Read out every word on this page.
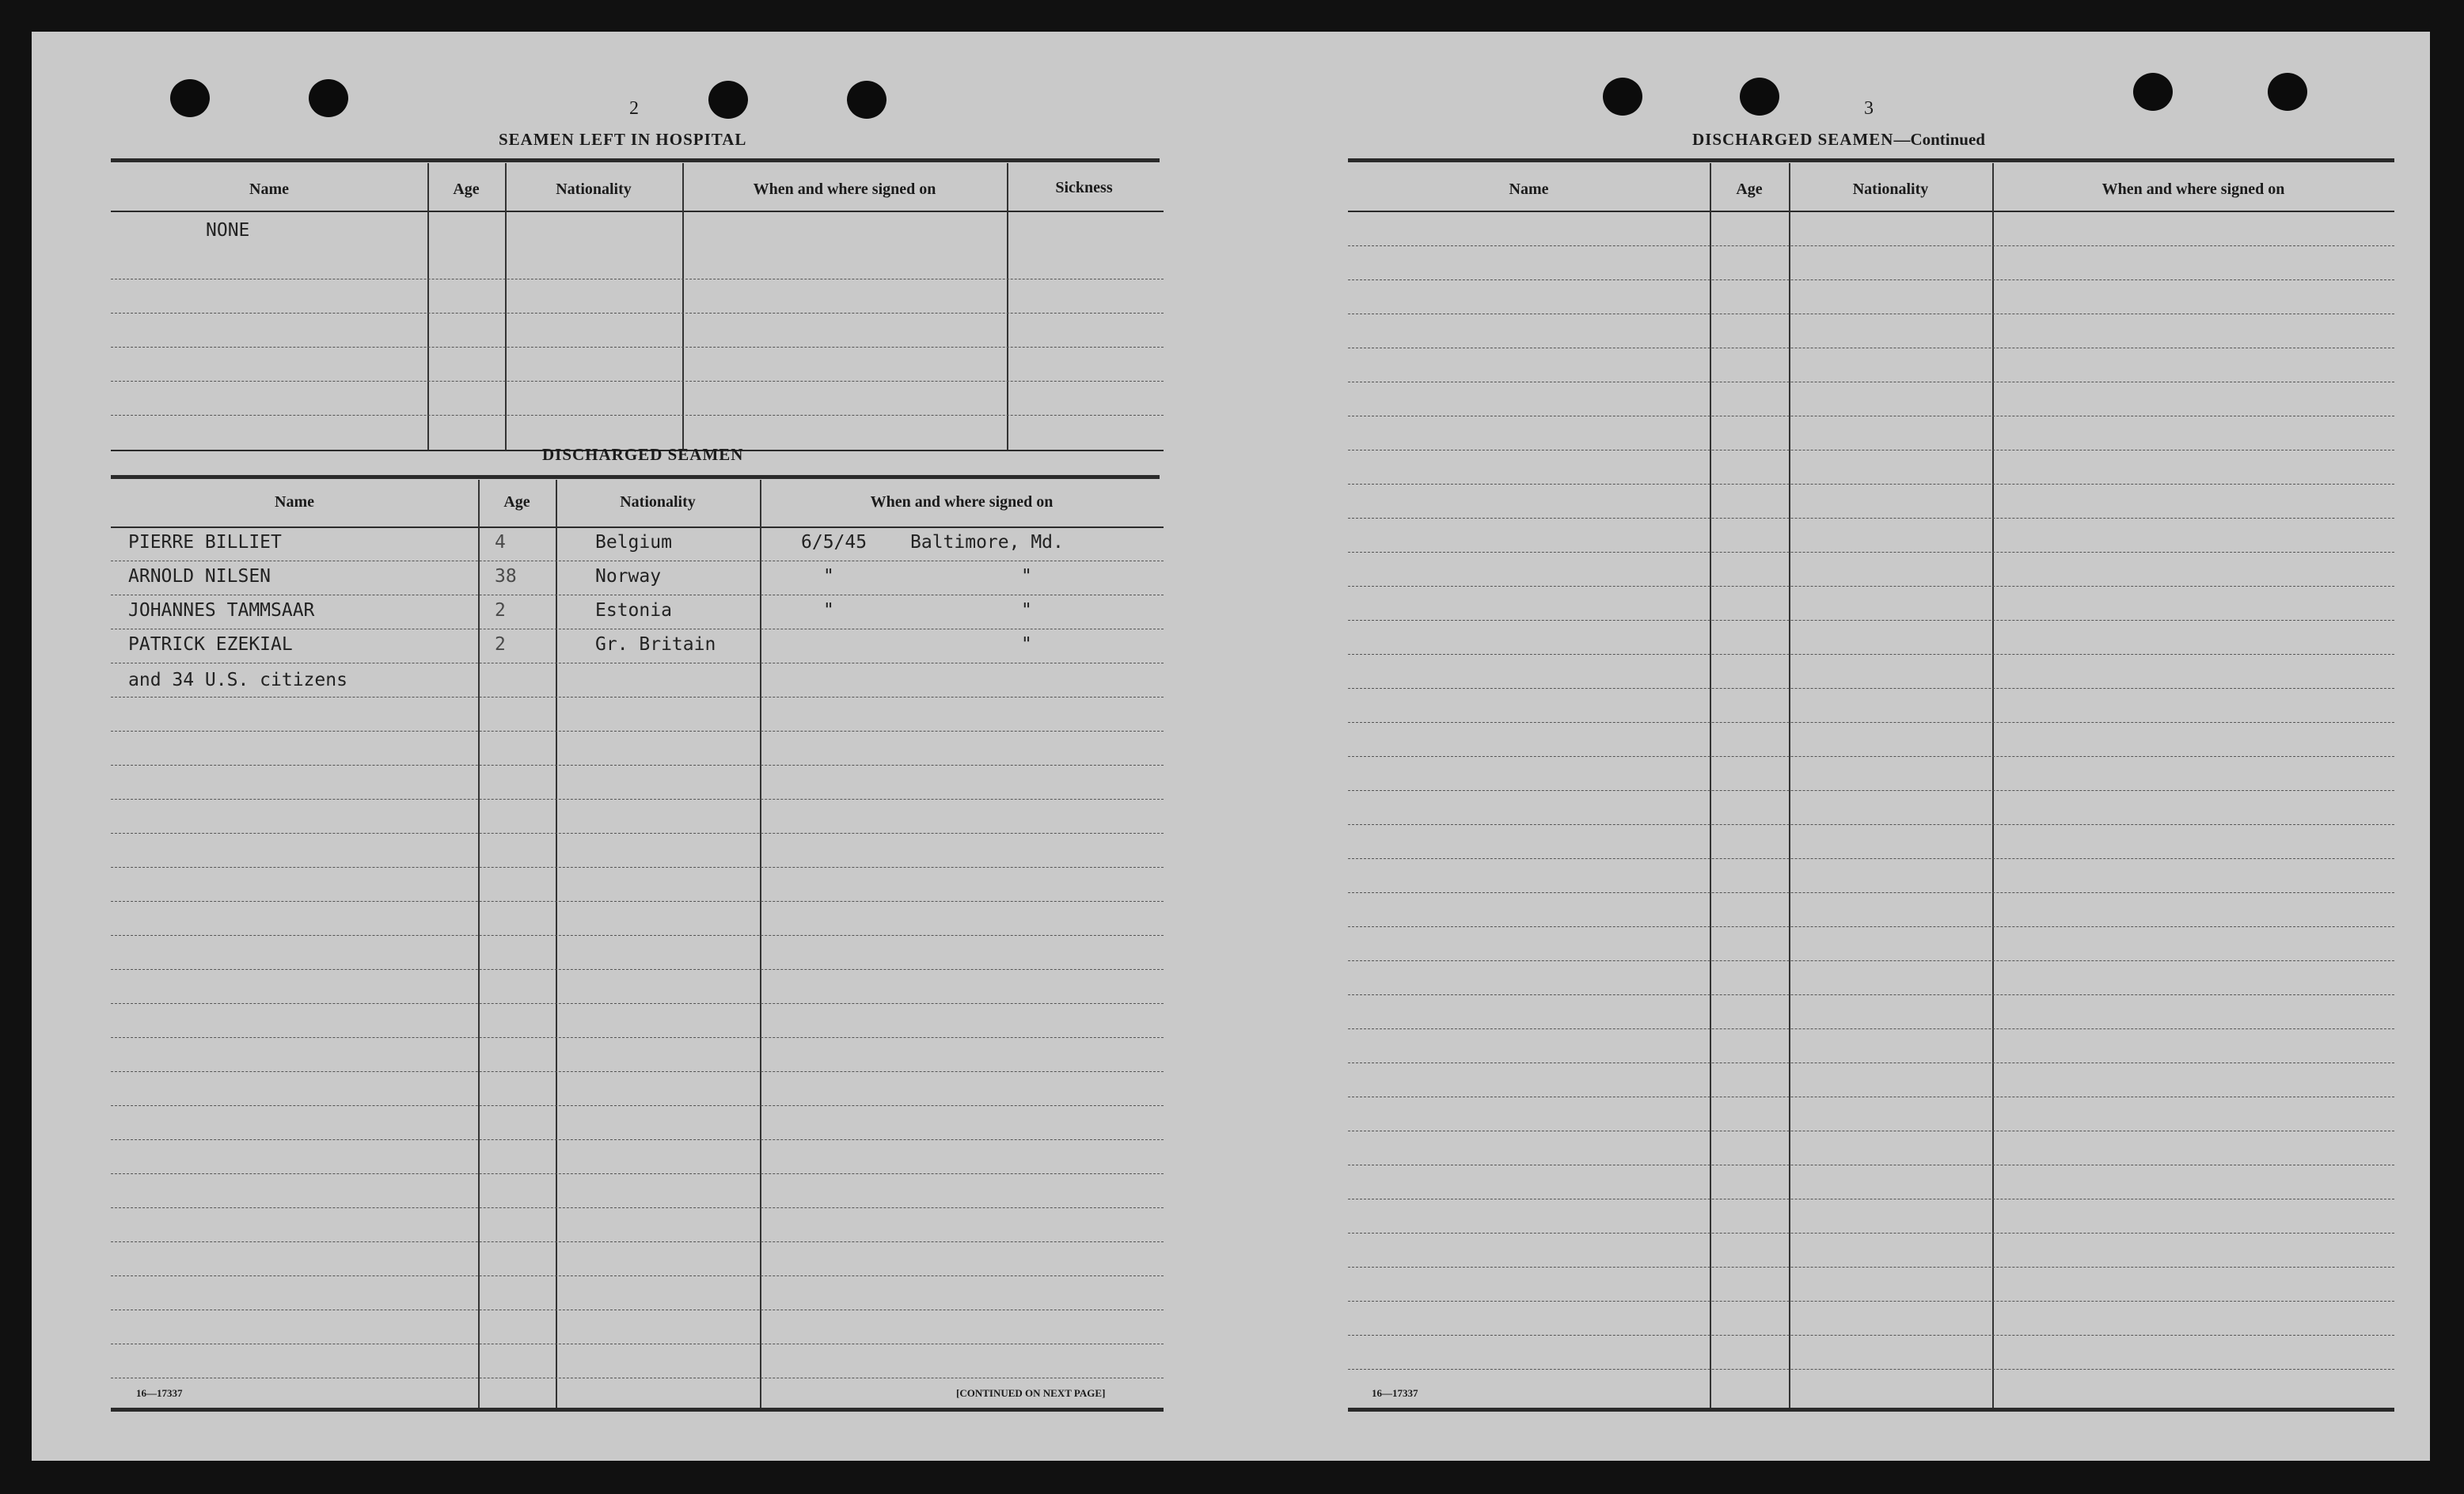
2
SEAMEN LEFT IN HOSPITAL
Name	Age	Nationality	When and where signed on	Sickness
NONE
DISCHARGED SEAMEN
Name	Age	Nationality	When and where signed on
PIERRE BILLIET	4	Belgium	6/5/45 Baltimore, Md.
ARNOLD NILSEN	38	Norway	"	"
JOHANNES TAMMSAAR	2	Estonia	"	"
PATRICK EZEKIAL	2	Gr. Britain	"
and 34 U.S. citizens
16—17337	[CONTINUED ON NEXT PAGE]
3
DISCHARGED SEAMEN—Continued
Name	Age	Nationality	When and where signed on
16—17337
